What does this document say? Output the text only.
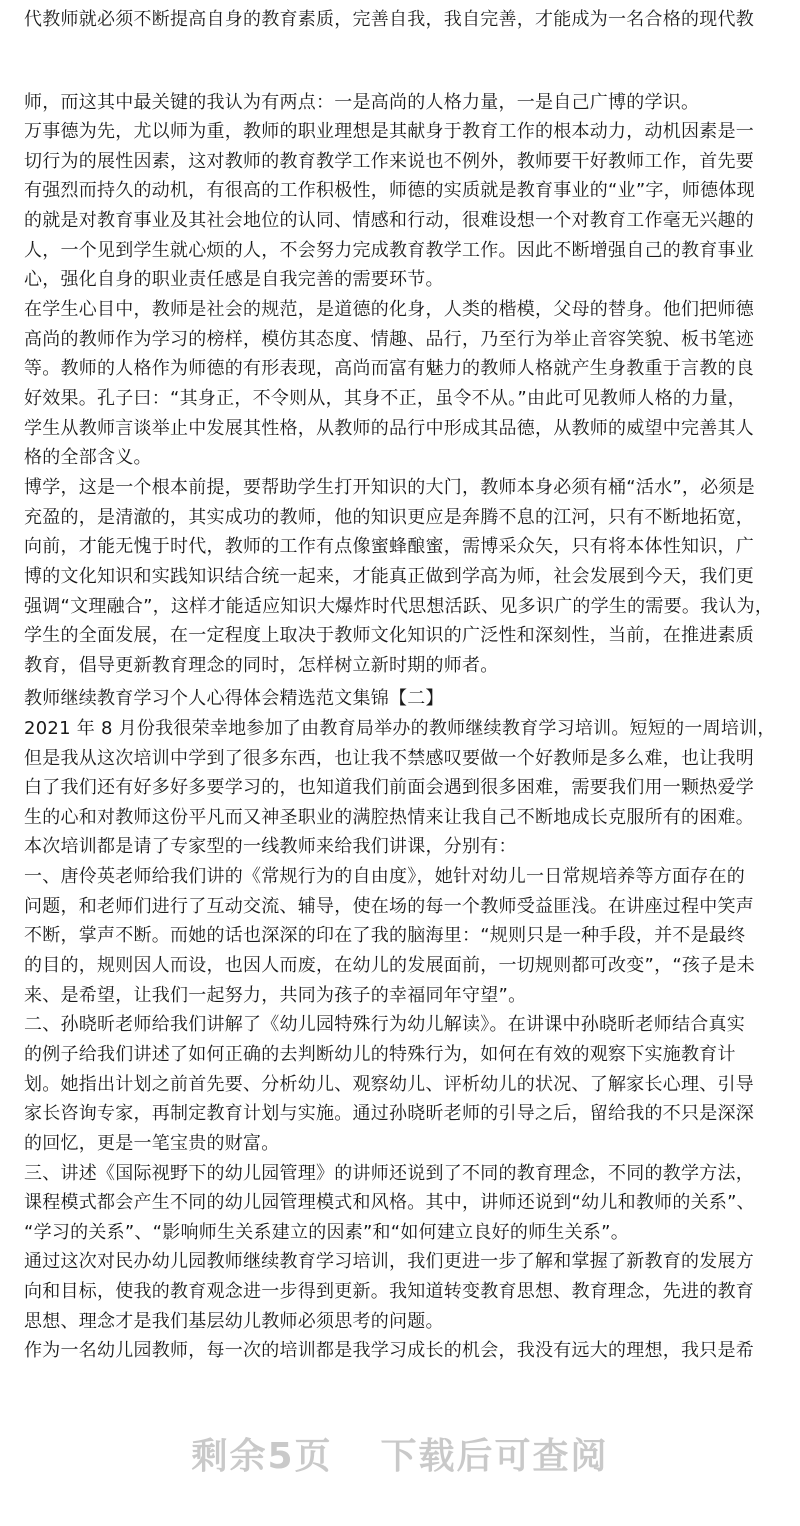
代教师就必须不断提高自身的教育素质，完善自我，我自完善，才能成为一名合格的现代教
师，而这其中最关键的我认为有两点：一是高尚的人格力量，一是自己广博的学识。
万事德为先，尤以师为重，教师的职业理想是其献身于教育工作的根本动力，动机因素是一
切行为的展性因素，这对教师的教育教学工作来说也不例外，教师要干好教师工作，首先要
有强烈而持久的动机，有很高的工作积极性，师德的实质就是教育事业的“业”字，师德体现
的就是对教育事业及其社会地位的认同、情感和行动，很难设想一个对教育工作毫无兴趣的
人，一个见到学生就心烦的人，不会努力完成教育教学工作。因此不断增强自己的教育事业
心，强化自身的职业责任感是自我完善的需要环节。
在学生心目中，教师是社会的规范，是道德的化身，人类的楷模，父母的替身。他们把师德
高尚的教师作为学习的榜样，模仿其态度、情趣、品行，乃至行为举止音容笑貌、板书笔迹
等。教师的人格作为师德的有形表现，高尚而富有魅力的教师人格就产生身教重于言教的良
好效果。孔子曰：“其身正，不令则从，其身不正，虽令不从。”由此可见教师人格的力量，
学生从教师言谈举止中发展其性格，从教师的品行中形成其品德，从教师的威望中完善其人
格的全部含义。
博学，这是一个根本前提，要帮助学生打开知识的大门，教师本身必须有桶“活水”，必须是
充盈的，是清澈的，其实成功的教师，他的知识更应是奔腾不息的江河，只有不断地拓宽，
向前，才能无愧于时代，教师的工作有点像蜜蜂酿蜜，需博采众矢，只有将本体性知识，广
博的文化知识和实践知识结合统一起来，才能真正做到学高为师，社会发展到今天，我们更
强调“文理融合”，这样才能适应知识大爆炸时代思想活跃、见多识广的学生的需要。我认为，
学生的全面发展，在一定程度上取决于教师文化知识的广泛性和深刻性，当前，在推进素质
教育，倡导更新教育理念的同时，怎样树立新时期的师者。
教师继续教育学习个人心得体会精选范文集锦【二】
2021 年 8 月份我很荣幸地参加了由教育局举办的教师继续教育学习培训。短短的一周培训，
但是我从这次培训中学到了很多东西，也让我不禁感叹要做一个好教师是多么难，也让我明
白了我们还有好多好多要学习的，也知道我们前面会遇到很多困难，需要我们用一颗热爱学
生的心和对教师这份平凡而又神圣职业的满腔热情来让我自己不断地成长克服所有的困难。
本次培训都是请了专家型的一线教师来给我们讲课，分别有：
一、唐伶英老师给我们讲的《常规行为的自由度》，她针对幼儿一日常规培养等方面存在的
问题，和老师们进行了互动交流、辅导，使在场的每一个教师受益匪浅。在讲座过程中笑声
不断，掌声不断。而她的话也深深的印在了我的脑海里：“规则只是一种手段，并不是最终
的目的，规则因人而设，也因人而废，在幼儿的发展面前，一切规则都可改变”，“孩子是未
来、是希望，让我们一起努力，共同为孩子的幸福同年守望”。
二、孙晓昕老师给我们讲解了《幼儿园特殊行为幼儿解读》。在讲课中孙晓昕老师结合真实
的例子给我们讲述了如何正确的去判断幼儿的特殊行为，如何在有效的观察下实施教育计
划。她指出计划之前首先要、分析幼儿、观察幼儿、评析幼儿的状况、了解家长心理、引导
家长咨询专家，再制定教育计划与实施。通过孙晓昕老师的引导之后，留给我的不只是深深
的回忆，更是一笔宝贵的财富。
三、讲述《国际视野下的幼儿园管理》的讲师还说到了不同的教育理念，不同的教学方法，
课程模式都会产生不同的幼儿园管理模式和风格。其中，讲师还说到“幼儿和教师的关系”、
“学习的关系”、“影响师生关系建立的因素”和“如何建立良好的师生关系”。
通过这次对民办幼儿园教师继续教育学习培训，我们更进一步了解和掌握了新教育的发展方
向和目标，使我的教育观念进一步得到更新。我知道转变教育思想、教育理念，先进的教育
思想、理念才是我们基层幼儿教师必须思考的问题。
作为一名幼儿园教师，每一次的培训都是我学习成长的机会，我没有远大的理想，我只是希
剩余5页 下载后可查阅
